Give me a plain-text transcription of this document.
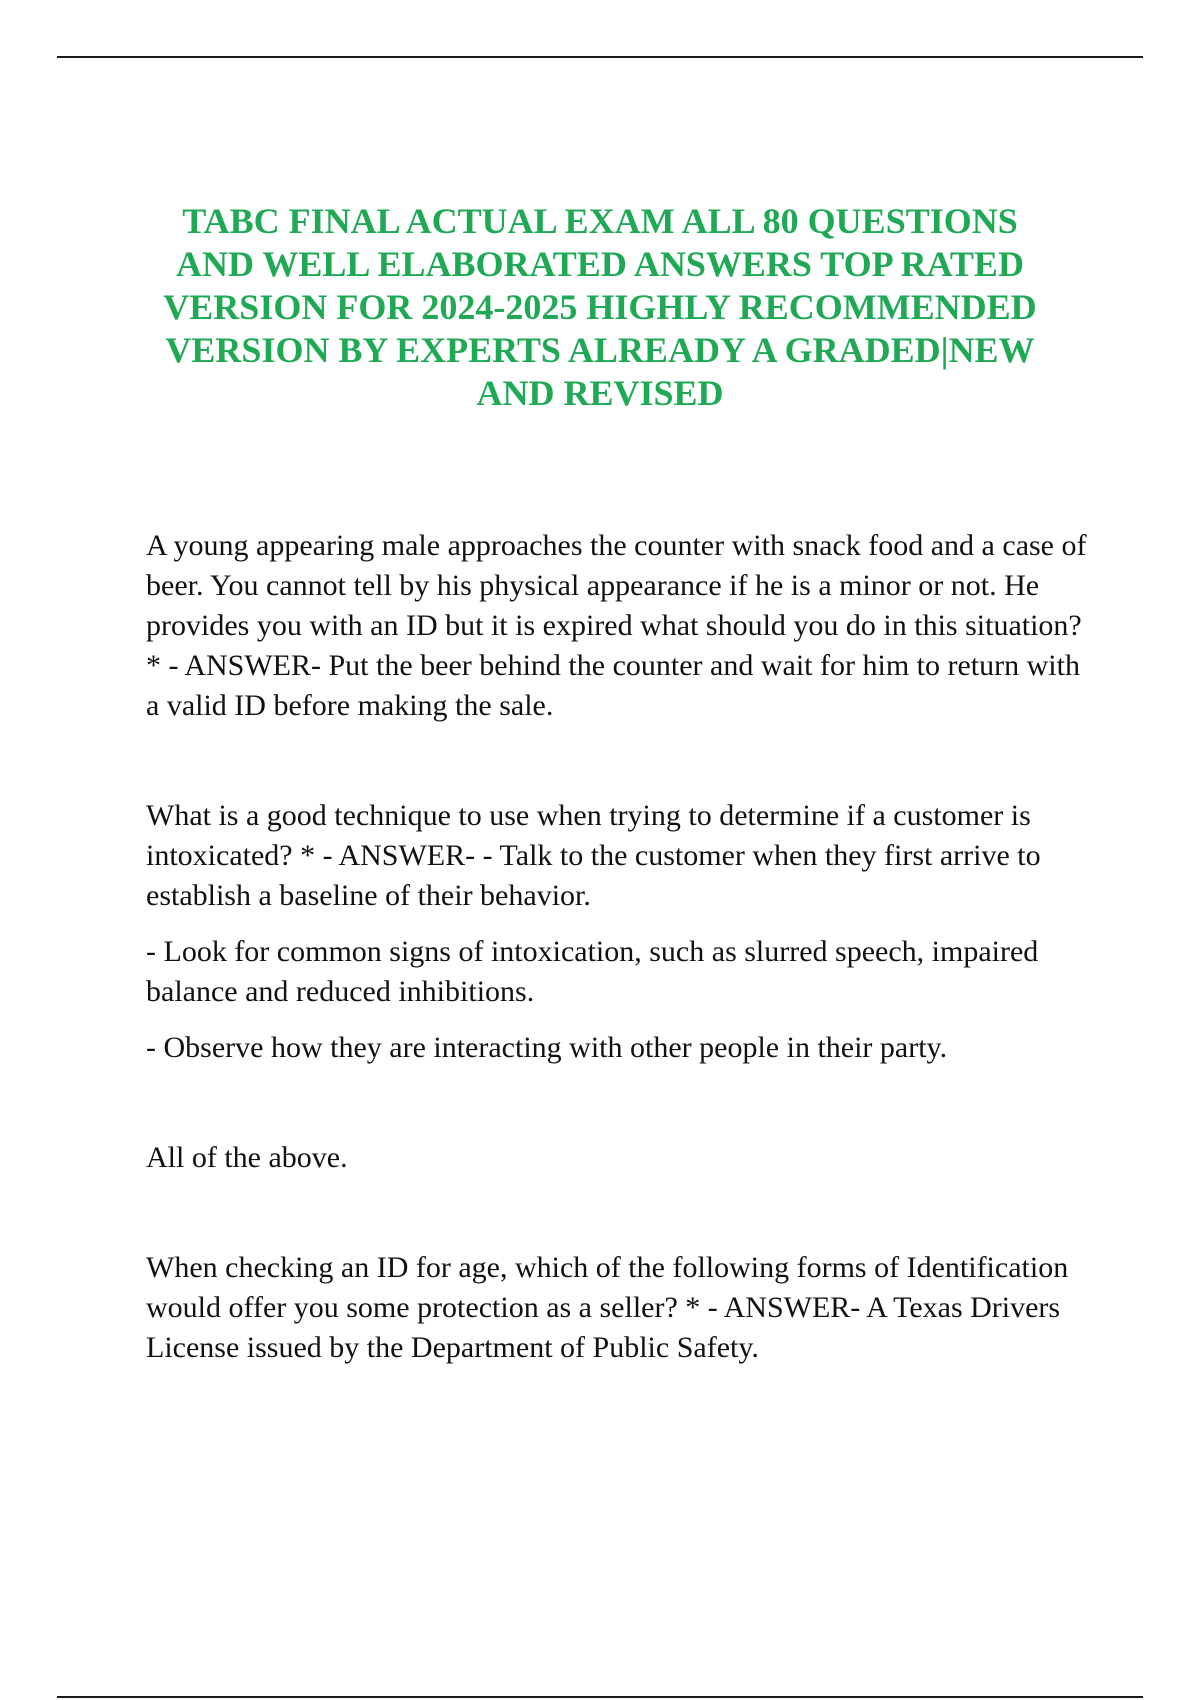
TABC FINAL ACTUAL EXAM ALL 80 QUESTIONS AND WELL ELABORATED ANSWERS TOP RATED VERSION FOR 2024-2025 HIGHLY RECOMMENDED VERSION BY EXPERTS ALREADY A GRADED|NEW AND REVISED

A young appearing male approaches the counter with snack food and a case of beer. You cannot tell by his physical appearance if he is a minor or not. He provides you with an ID but it is expired what should you do in this situation? * - ANSWER- Put the beer behind the counter and wait for him to return with a valid ID before making the sale.

What is a good technique to use when trying to determine if a customer is intoxicated? * - ANSWER- - Talk to the customer when they first arrive to establish a baseline of their behavior.

- Look for common signs of intoxication, such as slurred speech, impaired balance and reduced inhibitions.

- Observe how they are interacting with other people in their party.

All of the above.

When checking an ID for age, which of the following forms of Identification would offer you some protection as a seller? * - ANSWER- A Texas Drivers License issued by the Department of Public Safety.
